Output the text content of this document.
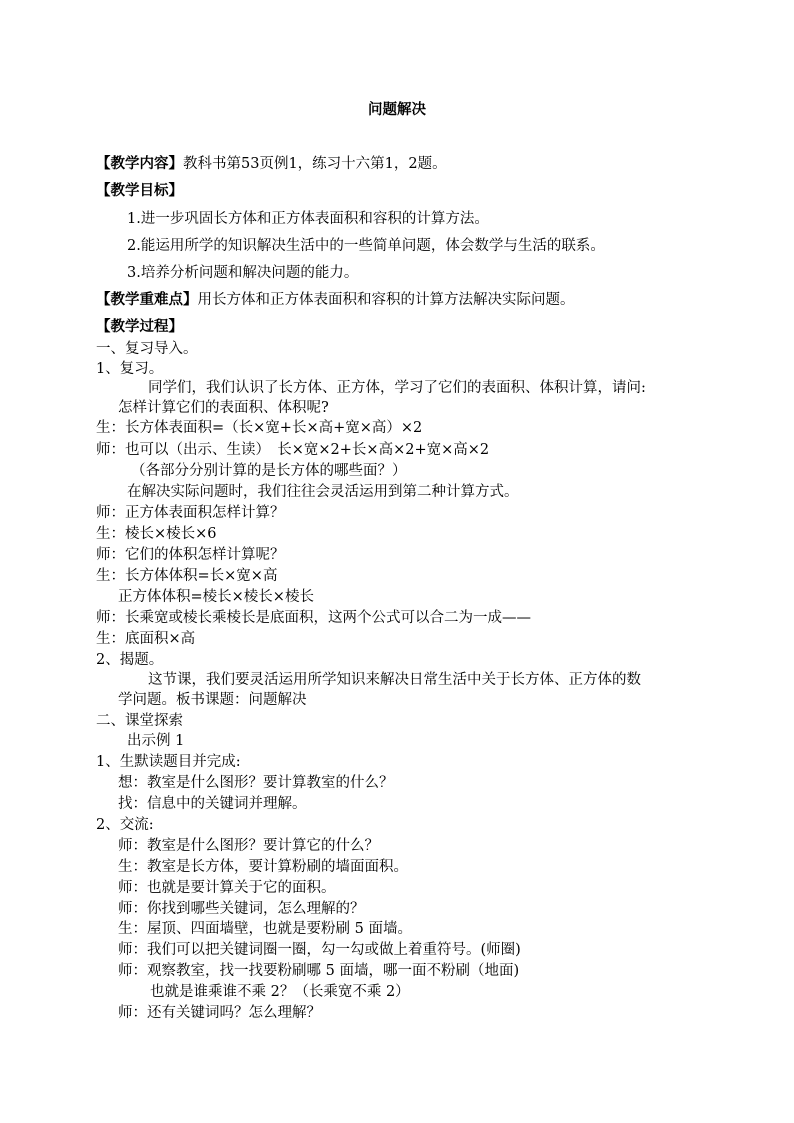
问题解决
【教学内容】教科书第53页例1，练习十六第1，2题。
【教学目标】
1.进一步巩固长方体和正方体表面积和容积的计算方法。
2.能运用所学的知识解决生活中的一些简单问题，体会数学与生活的联系。
3.培养分析问题和解决问题的能力。
【教学重难点】用长方体和正方体表面积和容积的计算方法解决实际问题。
【教学过程】
一、复习导入。
1、复习。
同学们，我们认识了长方体、正方体，学习了它们的表面积、体积计算，请问:
怎样计算它们的表面积、体积呢?
生：长方体表面积=（长×宽+长×高+宽×高）×2
师：也可以（出示、生读）　长×宽×2+长×高×2+宽×高×2
（各部分分别计算的是长方体的哪些面？）
在解决实际问题时，我们往往会灵活运用到第二种计算方式。
师：正方体表面积怎样计算？
生：棱长×棱长×6
师：它们的体积怎样计算呢？
生：长方体体积=长×宽×高
正方体体积=棱长×棱长×棱长
师：长乘宽或棱长乘棱长是底面积，这两个公式可以合二为一成——
生：底面积×高
2、揭题。
这节课，我们要灵活运用所学知识来解决日常生活中关于长方体、正方体的数
学问题。板书课题：问题解决
二、课堂探索
出示例 1
1、生默读题目并完成:
想：教室是什么图形？要计算教室的什么？
找：信息中的关键词并理解。
2、交流:
师：教室是什么图形？要计算它的什么？
生：教室是长方体，要计算粉刷的墙面面积。
师：也就是要计算关于它的面积。
师：你找到哪些关键词，怎么理解的？
生：屋顶、四面墙壁，也就是要粉刷 5 面墙。
师：我们可以把关键词圈一圈，勾一勾或做上着重符号。(师圈)
师：观察教室，找一找要粉刷哪 5 面墙，哪一面不粉刷（地面)
也就是谁乘谁不乘 2？（长乘宽不乘 2）
师：还有关键词吗？怎么理解？
